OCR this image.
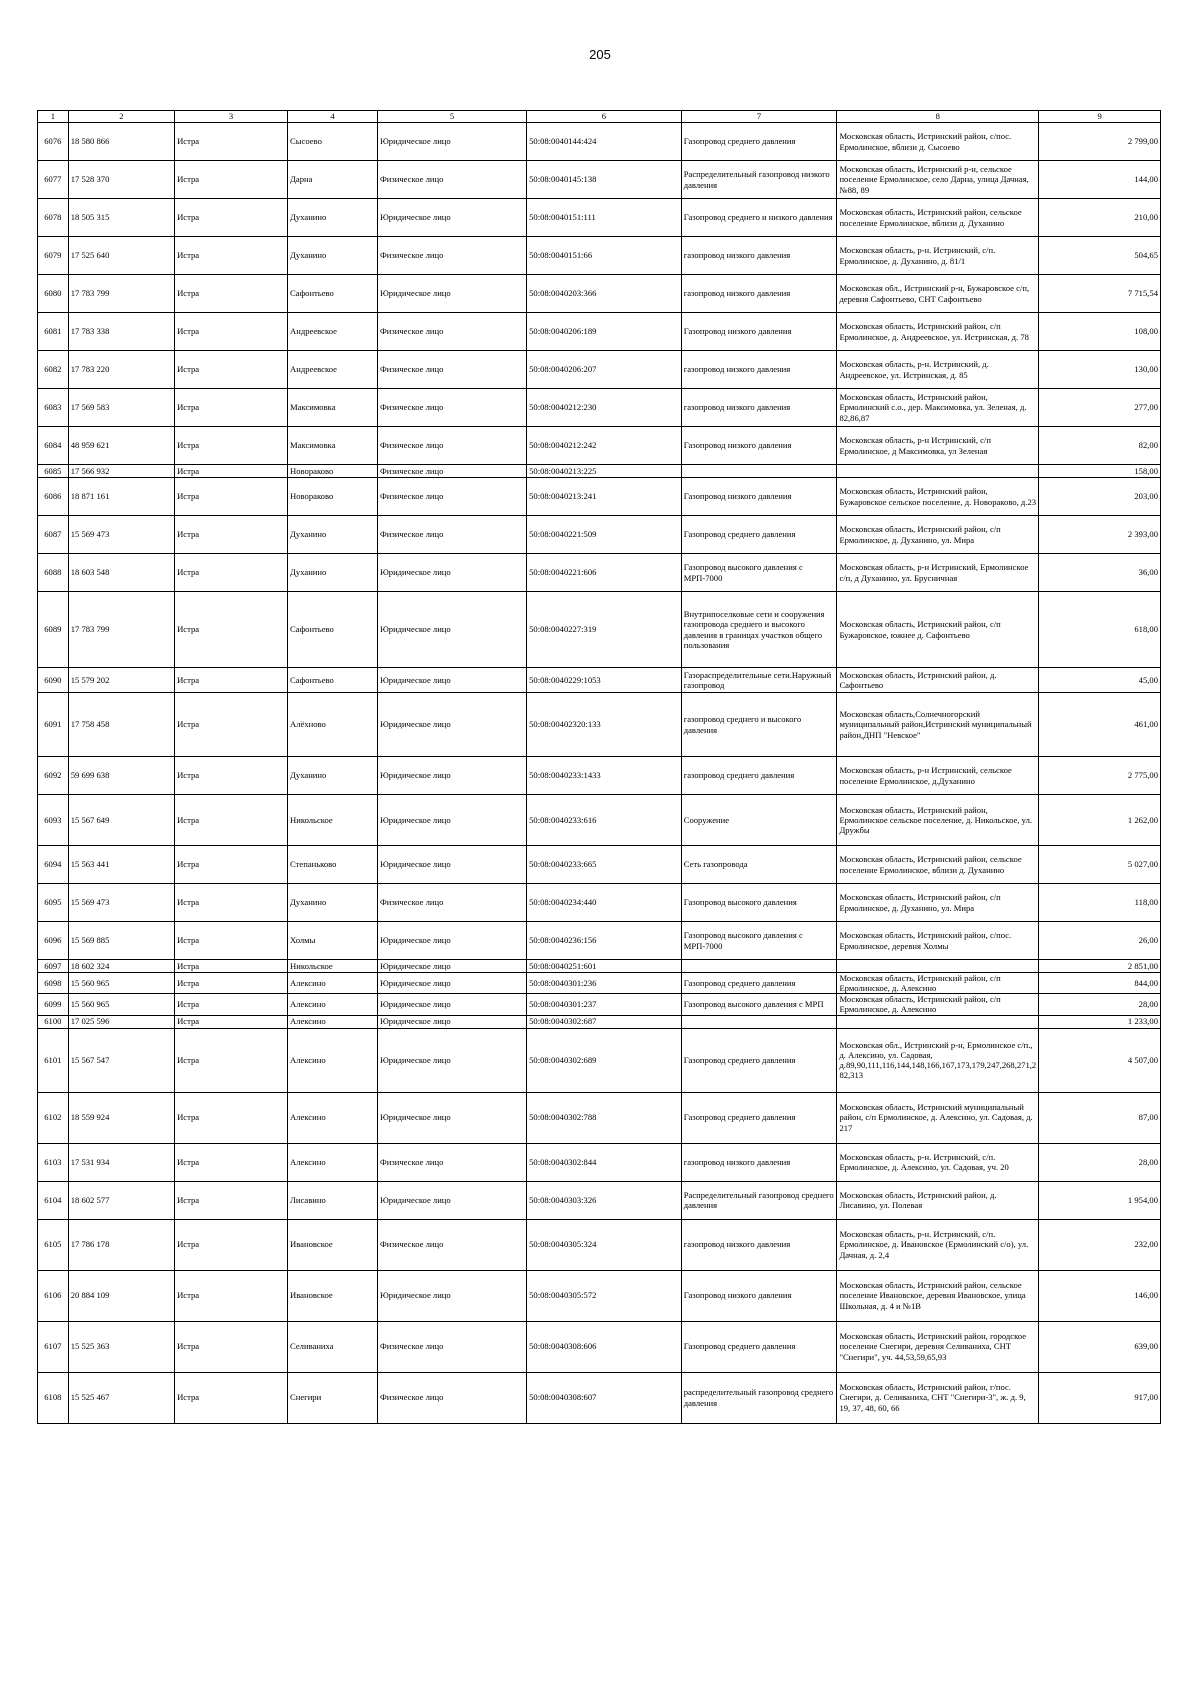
205
1	2	3	4	5	6	7	8	9
6076	18 580 866	Истра	Сысоево	Юридическое лицо	50:08:0040144:424	Газопровод среднего давления	Московская область, Истринский район, с/пос. Ермолинское, вблизи д. Сысоево	2 799,00
6077	17 528 370	Истра	Дарна	Физическое лицо	50:08:0040145:138	Распределительный газопровод низкого давления	Московская область, Истринский р-н, сельское поселение Ермолинское, село Дарна, улица Дачная, №88, 89	144,00
6078	18 505 315	Истра	Духанино	Юридическое лицо	50:08:0040151:111	Газопровод среднего и низкого давления	Московская область, Истринский район, сельское поселение Ермолинское, вблизи д. Духанино	210,00
6079	17 525 640	Истра	Духанино	Физическое лицо	50:08:0040151:66	газопровод низкого давления	Московская область, р-н. Истринский, с/п. Ермолинское, д. Духанино, д. 81/1	504,65
6080	17 783 799	Истра	Сафонтьево	Юридическое лицо	50:08:0040203:366	газопровод низкого давления	Московская обл., Истринский р-н, Бужаровское с/п, деревня Сафонтьево, СНТ Сафонтьево	7 715,54
6081	17 783 338	Истра	Андреевское	Физическое лицо	50:08:0040206:189	Газопровод низкого давления	Московская область, Истринский район, с/п Ермолинское, д. Андреевское, ул. Истринская, д. 78	108,00
6082	17 783 220	Истра	Андреевское	Физическое лицо	50:08:0040206:207	газопровод низкого давления	Московская область, р-н. Истринский, д. Андреевское, ул. Истринская, д. 85	130,00
6083	17 569 583	Истра	Максимовка	Физическое лицо	50:08:0040212:230	газопровод низкого давления	Московская область, Истринский район, Ермолинский с.о., дер. Максимовка, ул. Зеленая, д. 82,86,87	277,00
6084	48 959 621	Истра	Максимовка	Физическое лицо	50:08:0040212:242	Газопровод низкого давления	Московская область, р-н Истринский, с/п Ермолинское, д Максимовка, ул Зеленая	82,00
6085	17 566 932	Истра	Новораково	Физическое лицо	50:08:0040213:225			158,00
6086	18 871 161	Истра	Новораково	Физическое лицо	50:08:0040213:241	Газопровод низкого давления	Московская область, Истринский район, Бужаровское сельское поселение, д. Новораково, д.23	203,00
6087	15 569 473	Истра	Духанино	Физическое лицо	50:08:0040221:509	Газопровод среднего давления	Московская область, Истринский район, с/п Ермолинское, д. Духанино, ул. Мира	2 393,00
6088	18 603 548	Истра	Духанино	Юридическое лицо	50:08:0040221:606	Газопровод высокого давления с МРП-7000	Московская область, р-н Истринский, Ермолинское с/п, д Духанино, ул. Брусничная	36,00
6089	17 783 799	Истра	Сафонтьево	Юридическое лицо	50:08:0040227:319	Внутрипоселковые сети и сооружения газопровода среднего и высокого давления в границах участков общего пользования	Московская область, Истринский район, с/п Бужаровское, южнее д. Сафонтьево	618,00
6090	15 579 202	Истра	Сафонтьево	Юридическое лицо	50:08:0040229:1053	Газораспределительные сети.Наружный газопровод	Московская область, Истринский район, д. Сафонтьево	45,00
6091	17 758 458	Истра	Алёхново	Юридическое лицо	50:08:00402320:133	газопровод среднего и высокого давления	Московская область,Солнечногорский муниципальный район,Истринский муниципальный район,ДНП "Невское"	461,00
6092	59 699 638	Истра	Духанино	Юридическое лицо	50:08:0040233:1433	газопровод среднего давления	Московская область, р-н Истринский, сельское поселение Ермолинское, д.Духанино	2 775,00
6093	15 567 649	Истра	Никольское	Юридическое лицо	50:08:0040233:616	Сооружение	Московская область, Истринский район, Ермолинское сельское поселение, д. Никольское, ул. Дружбы	1 262,00
6094	15 563 441	Истра	Степаньково	Юридическое лицо	50:08:0040233:665	Сеть газопровода	Московская область, Истринский район, сельское поселение Ермолинское, вблизи д. Духанино	5 027,00
6095	15 569 473	Истра	Духанино	Физическое лицо	50:08:0040234:440	Газопровод высокого давления	Московская область, Истринский район, с/п Ермолинское, д. Духанино, ул. Мира	118,00
6096	15 569 885	Истра	Холмы	Юридическое лицо	50:08:0040236:156	Газопровод высокого давления с МРП-7000	Московская область, Истринский район, с/пос. Ермолинское, деревня Холмы	26,00
6097	18 602 324	Истра	Никольское	Юридическое лицо	50:08:0040251:601			2 851,00
6098	15 560 965	Истра	Алексино	Юридическое лицо	50:08:0040301:236	Газопровод среднего давления	Московская область, Истринский район, с/п Ермолинское, д. Алексино	844,00
6099	15 560 965	Истра	Алексино	Юридическое лицо	50:08:0040301:237	Газопровод высокого давления с МРП	Московская область, Истринский район, с/п Ермолинское, д. Алексино	28,00
6100	17 025 596	Истра	Алексино	Юридическое лицо	50:08:0040302:687			1 233,00
6101	15 567 547	Истра	Алексино	Юридическое лицо	50:08:0040302:689	Газопровод среднего давления	Московская обл., Истринский р-н, Ермолинское с/п., д. Алексино, ул. Садовая, д.89,90,111,116,144,148,166,167,173,179,247,268,271,282,313	4 507,00
6102	18 559 924	Истра	Алексино	Юридическое лицо	50:08:0040302:788	Газопровод среднего давления	Московская область, Истринский муниципальный район, с/п Ермолинское, д. Алексино, ул. Садовая, д. 217	87,00
6103	17 531 934	Истра	Алексино	Физическое лицо	50:08:0040302:844	газопровод низкого давления	Московская область, р-н. Истринский, с/п. Ермолинское, д. Алексино, ул. Садовая, уч. 20	28,00
6104	18 602 577	Истра	Лисавино	Юридическое лицо	50:08:0040303:326	Распределительный газопровод среднего давления	Московская область, Истринский район, д. Лисавино, ул. Полевая	1 954,00
6105	17 786 178	Истра	Ивановское	Физическое лицо	50:08:0040305:324	газопровод низкого давления	Московская область, р-н. Истринский, с/п. Ермолинское, д. Ивановское (Ермолинский с/о), ул. Дачная, д. 2,4	232,00
6106	20 884 109	Истра	Ивановское	Юридическое лицо	50:08:0040305:572	Газопровод низкого давления	Московская область, Истринский район, сельское поселение Ивановское, деревня Ивановское, улица Школьная, д. 4 и №1В	146,00
6107	15 525 363	Истра	Селиваниха	Физическое лицо	50:08:0040308:606	Газопровод среднего давления	Московская область, Истринский район, городское поселение Снегири, деревня Селиваниха, СНТ "Снегири", уч. 44,53,59,65,93	639,00
6108	15 525 467	Истра	Снегири	Физическое лицо	50:08:0040308:607	распределительный газопровод среднего давления	Московская область, Истринский район, г/пос. Снегири, д. Селиваниха, СНТ "Снегири-3", ж. д. 9, 19, 37, 48, 60, 66	917,00
